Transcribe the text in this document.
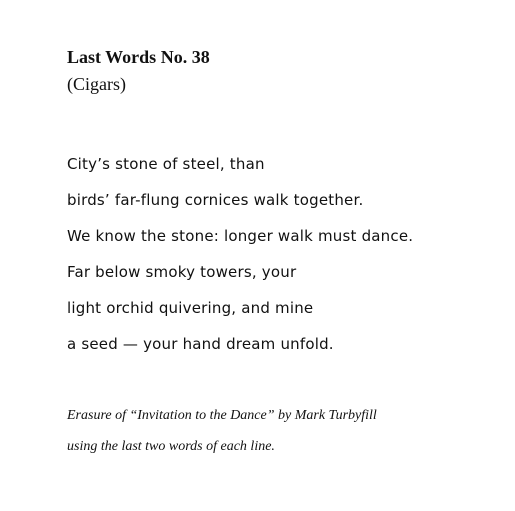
Last Words No. 38
(Cigars)
City’s stone of steel, than
birds’ far-flung cornices walk together.
We know the stone: longer walk must dance.
Far below smoky towers, your
light orchid quivering, and mine
a seed — your hand dream unfold.
Erasure of “Invitation to the Dance” by Mark Turbyfill
using the last two words of each line.
